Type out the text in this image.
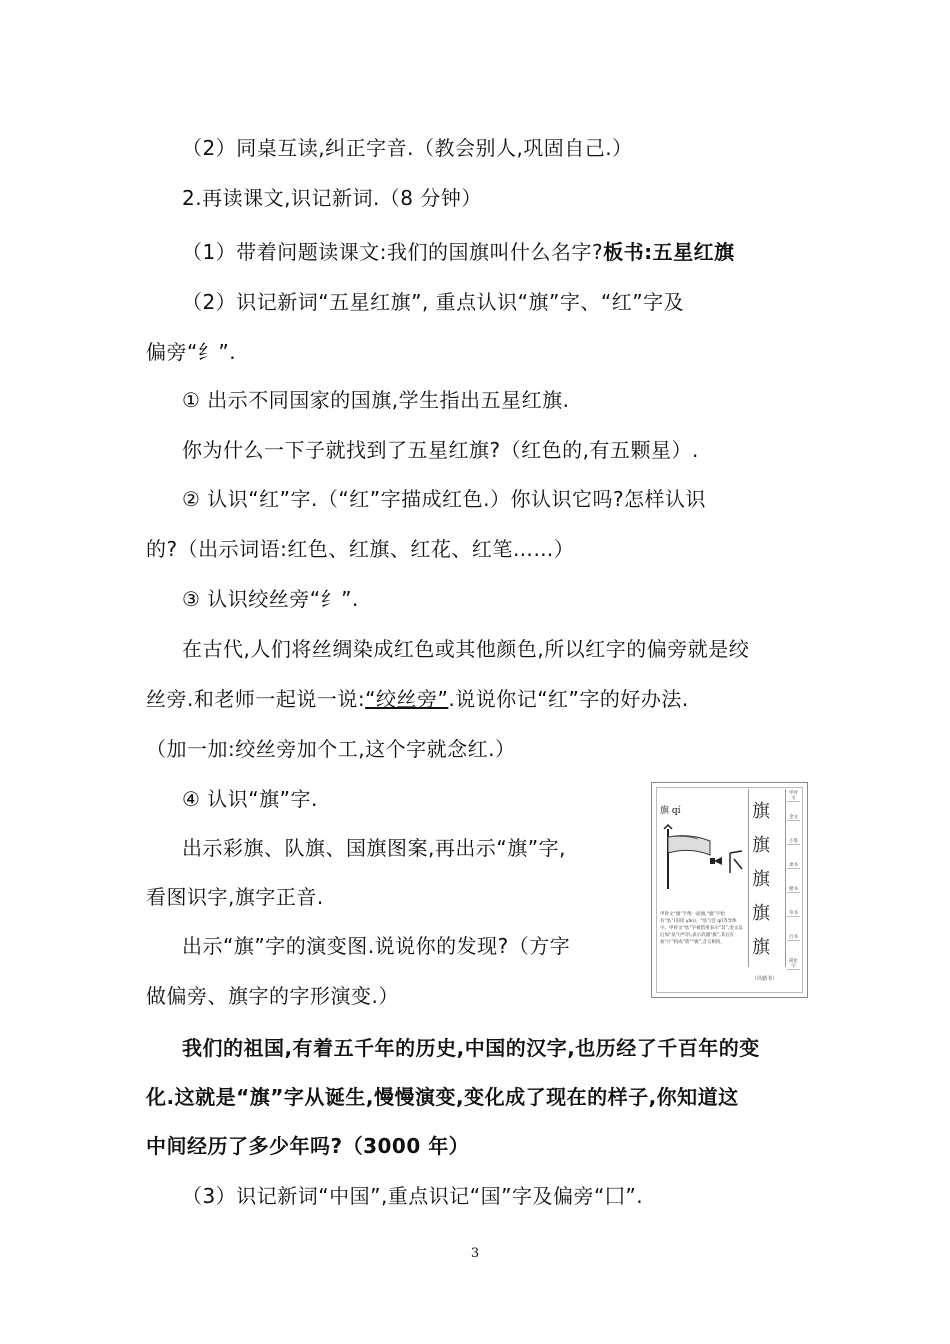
（2）同桌互读,纠正字音.（教会别人,巩固自己.）
2.再读课文,识记新词.（8 分钟）
（1）带着问题读课文:我们的国旗叫什么名字?板书:五星红旗
（2）识记新词“五星红旗”, 重点认识“旗”字、“红”字及
偏旁“纟”.
① 出示不同国家的国旗,学生指出五星红旗.
你为什么一下子就找到了五星红旗?（红色的,有五颗星）.
② 认识“红”字.（“红”字描成红色.）你认识它吗?怎样认识
的?（出示词语:红色、红旗、红花、红笔……）
③ 认识绞丝旁“纟”.
在古代,人们将丝绸染成红色或其他颜色,所以红字的偏旁就是绞
丝旁.和老师一起说一说:“绞丝旁”.说说你记“红”字的好办法.
（加一加:绞丝旁加个工,这个字就念红.）
④ 认识“旗”字.
出示彩旗、队旗、国旗图案,再出示“旗”字,
看图识字,旗字正音.
出示“旗”字的演变图.说说你的发现?（方字
做偏旁、旗字的字形演变.）
我们的祖国,有着五千年的历史,中国的汉字,也历经了千百年的变
化.这就是“旗”字从诞生,慢慢演变,变化成了现在的样子,你知道这
中间经历了多少年吗?（3000 年）
（3）识记新词“中国”,重点识记“国”字及偏旁“囗”.
旗 qí
甲骨文“旗”字像一面旗,“旗”字始有“㫃”(旧读 yǎn)、“㫃”(音 qí)等异体字。甲骨文“㫃”字被借用表示“其”,金文以后加“㫃”(声旁),表示武器“旗”,其后在加“斤”构成“旂”“旗”,含义相同。
旗
旗
旗
旗
旗
甲骨文
金文
小篆
隶书
楷书
草书
行书
简化字
（冯德书）
3
